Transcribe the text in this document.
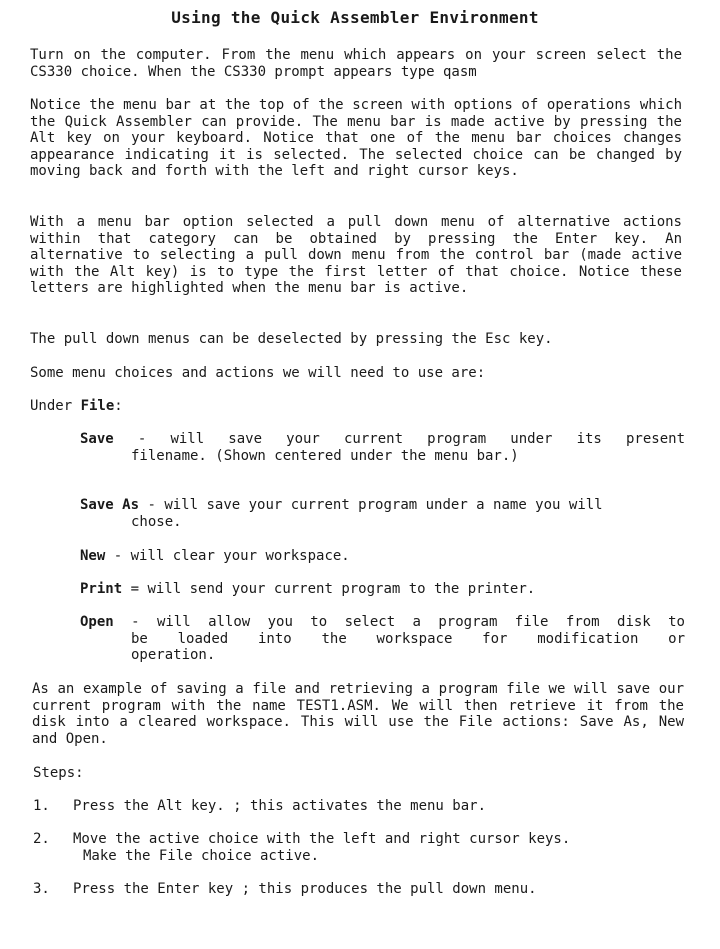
Using the Quick Assembler Environment
Turn on the computer. From the menu which appears on your screen select the CS330 choice. When the CS330 prompt appears type qasm
Notice the menu bar at the top of the screen with options of operations which the Quick Assembler can provide. The menu bar is made active by pressing the Alt key on your keyboard. Notice that one of the menu bar choices changes appearance indicating it is selected. The selected choice can be changed by moving back and forth with the left and right cursor keys.
With a menu bar option selected a pull down menu of alternative actions within that category can be obtained by pressing the Enter key. An alternative to selecting a pull down menu from the control bar (made active with the Alt key) is to type the first letter of that choice. Notice these letters are highlighted when the menu bar is active.
The pull down menus can be deselected by pressing the Esc key.
Some menu choices and actions we will need to use are:
Under File:
Save - will save your current program under its present
filename. (Shown centered under the menu bar.)
Save As - will save your current program under a name you will
chose.
New - will clear your workspace.
Print = will send your current program to the printer.
Open - will allow you to select a program file from disk to
be loaded into the workspace for modification or
operation.
As an example of saving a file and retrieving a program file we will save our current program with the name TEST1.ASM. We will then retrieve it from the disk into a cleared workspace. This will use the File actions: Save As, New and Open.
Steps:
1. Press the Alt key. ; this activates the menu bar.
2. Move the active choice with the left and right cursor keys.
Make the File choice active.
3. Press the Enter key ; this produces the pull down menu.
